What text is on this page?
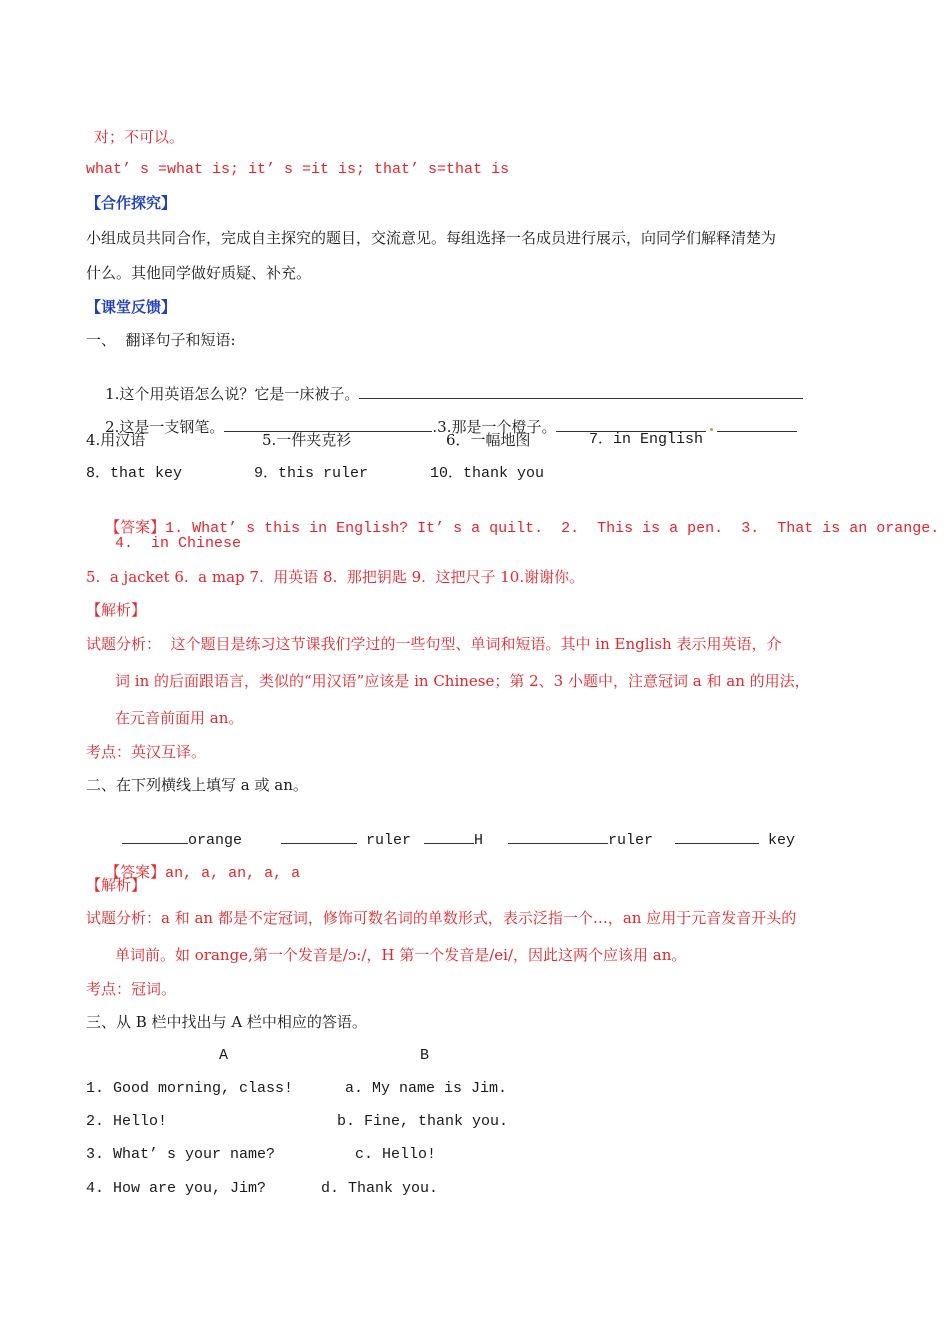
对；不可以。
what’ s =what is; it’ s =it is; that’ s=that is
【合作探究】
小组成员共同合作，完成自主探究的题目，交流意见。每组选择一名成员进行展示，向同学们解释清楚为
什么。其他同学做好质疑、补充。
【课堂反馈】
一、  翻译句子和短语:

1.这个用英语怎么说？它是一床被子。

2.这是一支钢笔。	.3.那是一个橙子。

4.用汉语	5.一件夹克衫	6．一幅地图	7．in English
8．that key	9．this ruler	10．thank you

【答案】1. What’ s this in English? It’ s a quilt.  2.  This is a pen.  3.  That is an orange.

4.  in Chinese
5.  a jacket 6.  a map 7.  用英语 8.  那把钥匙 9.  这把尺子 10.谢谢你。
【解析】
试题分析：  这个题目是练习这节课我们学过的一些句型、单词和短语。其中 in English 表示用英语，介
词 in 的后面跟语言，类似的“用汉语”应该是 in Chinese；第 2、3 小题中，注意冠词 a 和 an 的用法，
在元音前面用 an。
考点：英汉互译。
二、在下列横线上填写 a 或 an。

orange
	ruler
	H
	ruler
	key

【答案】an, a, an, a, a

【解析】
试题分析：a 和 an 都是不定冠词，修饰可数名词的单数形式，表示泛指一个…，an 应用于元音发音开头的
单词前。如 orange,第一个发音是/ɔ:/，H 第一个发音是/ei/，因此这两个应该用 an。
考点：冠词。
三、从 B 栏中找出与 A 栏中相应的答语。
A	B
1. Good morning, class!	a. My name is Jim.
2. Hello!	b. Fine, thank you.
3. What’ s your name?	c. Hello!
4. How are you, Jim?	d. Thank you.
